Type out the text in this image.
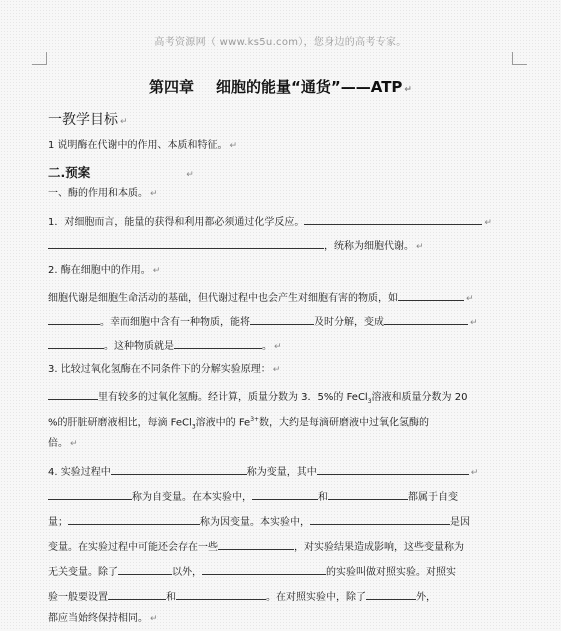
高考资源网（ www.ks5u.com），您身边的高考专家。
第四章 细胞的能量“通货”——ATP ↵
一教学目标 ↵
1 说明酶在代谢中的作用、本质和特征。 ↵
二.预案	↵
一、酶的作用和本质。 ↵
1．对细胞而言，能量的获得和利用都必须通过化学反应。	↵
，统称为细胞代谢。 ↵
2. 酶在细胞中的作用。 ↵
细胞代谢是细胞生命活动的基础，但代谢过程中也会产生对细胞有害的物质，如	↵
。幸而细胞中含有一种物质，能将	及时分解，变成	↵
。这种物质就是	。 ↵
3. 比较过氧化氢酶在不同条件下的分解实验原理： ↵
里有较多的过氧化氢酶。经计算，质量分数为 3．5%的 FeCl$_3$溶液和质量分数为 20
%的肝脏研磨液相比，每滴 FeCl$_3$溶液中的 $Fe^{3+}$数，大约是每滴研磨液中过氧化氢酶的
倍。 ↵
4. 实验过程中	称为变量，其中	↵
称为自变量。在本实验中，	和	都属于自变
量；	称为因变量。本实验中，	是因
变量。在实验过程中可能还会存在一些	，对实验结果造成影响，这些变量称为
无关变量。除了	以外，	的实验叫做对照实验。对照实
验一般要设置	和	。在对照实验中，除了	外，
都应当始终保持相同。 ↵
